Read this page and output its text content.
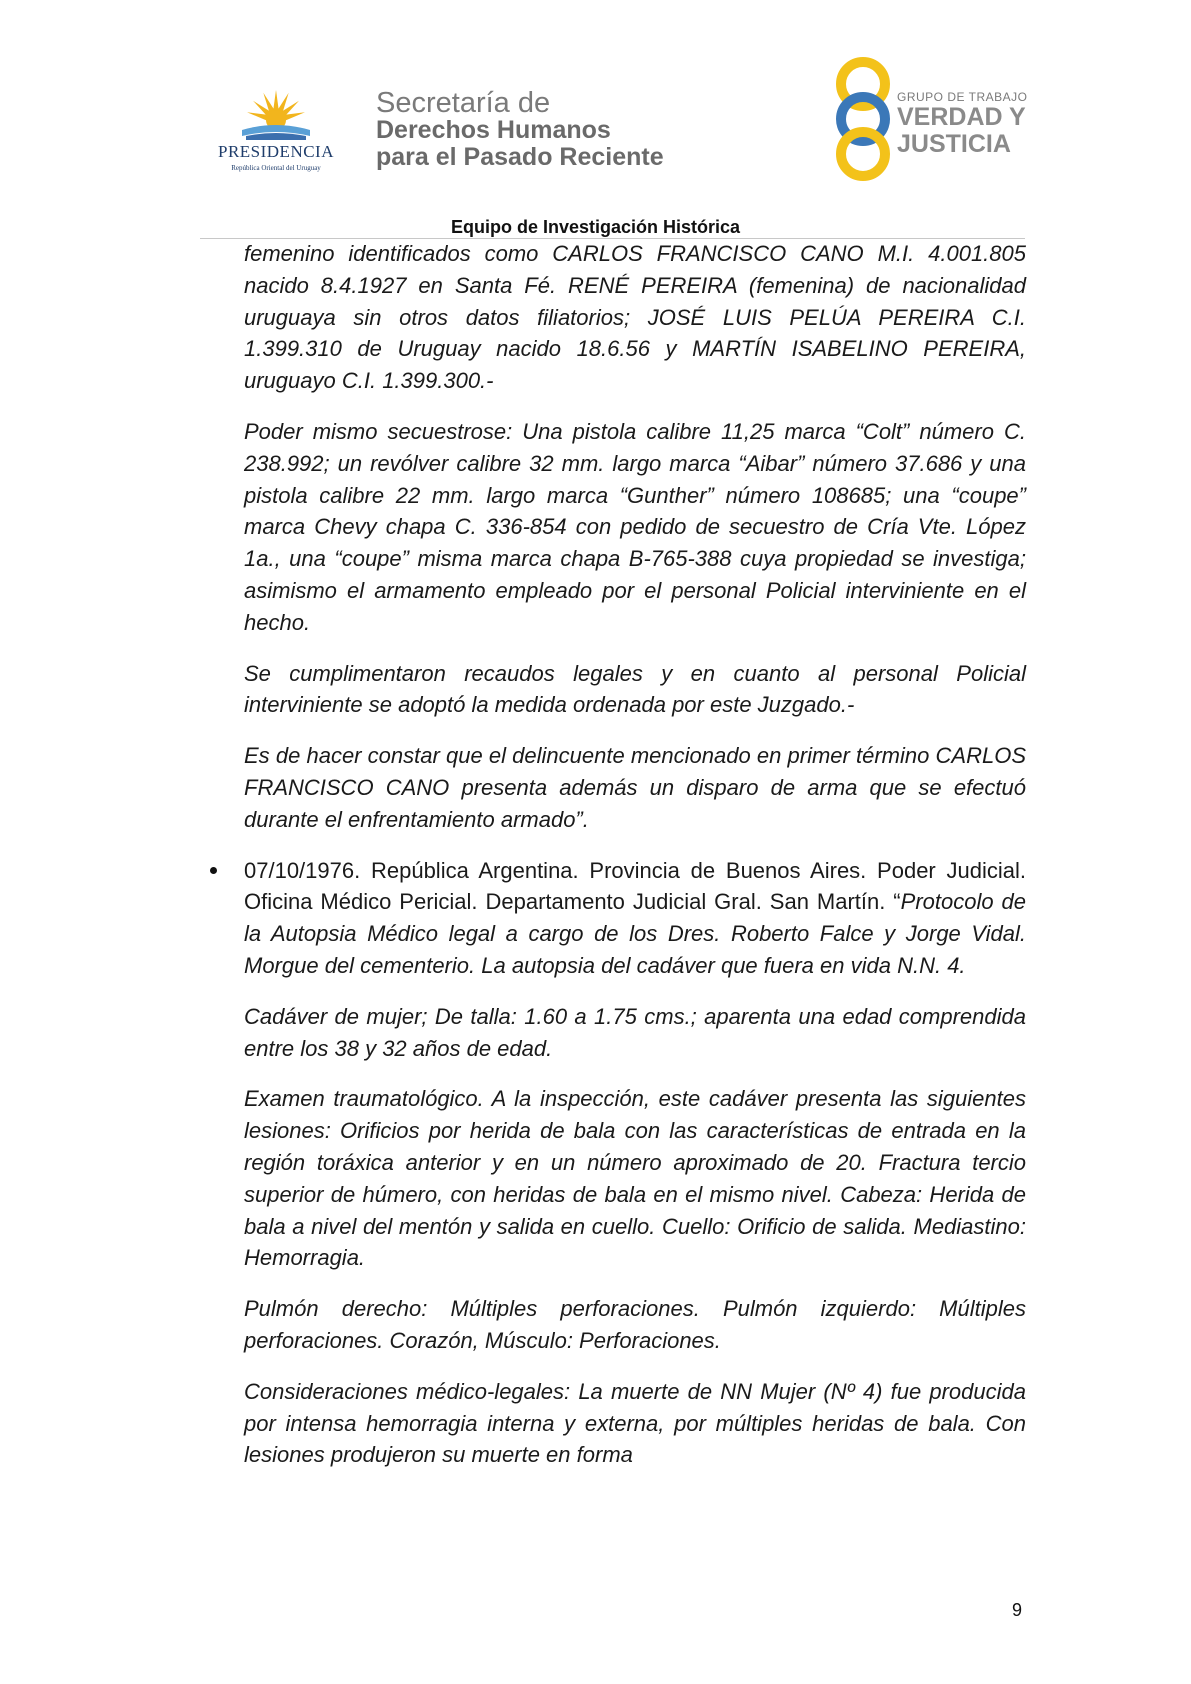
PRESIDENCIA
República Oriental del Uruguay
Secretaría de
Derechos Humanos
para el Pasado Reciente
GRUPO DE TRABAJO
VERDAD Y
JUSTICIA
Equipo de Investigación Histórica

femenino identificados como CARLOS FRANCISCO CANO M.I. 4.001.805 nacido 8.4.1927 en Santa Fé. RENÉ PEREIRA (femenina) de nacionalidad uruguaya sin otros datos filiatorios; JOSÉ LUIS PELÚA PEREIRA C.I. 1.399.310 de Uruguay nacido 18.6.56 y MARTÍN ISABELINO PEREIRA, uruguayo C.I. 1.399.300.-

Poder mismo secuestrose: Una pistola calibre 11,25 marca “Colt” número C. 238.992; un revólver calibre 32 mm. largo marca “Aibar” número 37.686 y una pistola calibre 22 mm. largo marca “Gunther” número 108685; una “coupe” marca Chevy chapa C. 336-854 con pedido de secuestro de Cría Vte. López 1a., una “coupe” misma marca chapa B-765-388 cuya propiedad se investiga; asimismo el armamento empleado por el personal Policial interviniente en el hecho.

Se cumplimentaron recaudos legales y en cuanto al personal Policial interviniente se adoptó la medida ordenada por este Juzgado.-

Es de hacer constar que el delincuente mencionado en primer término CARLOS FRANCISCO CANO presenta además un disparo de arma que se efectuó durante el enfrentamiento armado”.

07/10/1976. República Argentina. Provincia de Buenos Aires. Poder Judicial. Oficina Médico Pericial. Departamento Judicial Gral. San Martín. “Protocolo de la Autopsia Médico legal a cargo de los Dres. Roberto Falce y Jorge Vidal. Morgue del cementerio. La autopsia del cadáver que fuera en vida N.N. 4.

Cadáver de mujer; De talla: 1.60 a 1.75 cms.; aparenta una edad comprendida entre los 38 y 32 años de edad.

Examen traumatológico. A la inspección, este cadáver presenta las siguientes lesiones: Orificios por herida de bala con las características de entrada en la región toráxica anterior y en un número aproximado de 20. Fractura tercio superior de húmero, con heridas de bala en el mismo nivel. Cabeza: Herida de bala a nivel del mentón y salida en cuello. Cuello: Orificio de salida. Mediastino: Hemorragia.

Pulmón derecho: Múltiples perforaciones. Pulmón izquierdo: Múltiples perforaciones. Corazón, Músculo: Perforaciones.

Consideraciones médico-legales: La muerte de NN Mujer (Nº 4) fue producida por intensa hemorragia interna y externa, por múltiples heridas de bala. Con lesiones produjeron su muerte en forma

9
